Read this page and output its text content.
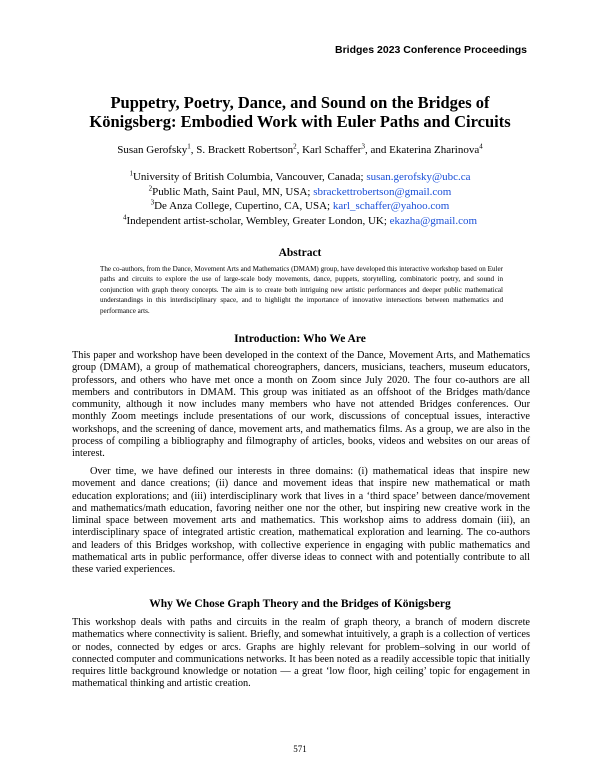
Bridges 2023 Conference Proceedings
Puppetry, Poetry, Dance, and Sound on the Bridges of
Königsberg: Embodied Work with Euler Paths and Circuits
Susan Gerofsky$^1$, S. Brackett Robertson$^2$, Karl Schaffer$^3$, and Ekaterina Zharinova$^4$
$^1$University of British Columbia, Vancouver, Canada; susan.gerofsky@ubc.ca
$^2$Public Math, Saint Paul, MN, USA; sbrackettrobertson@gmail.com
$^3$De Anza College, Cupertino, CA, USA; karl_schaffer@yahoo.com
$^4$Independent artist-scholar, Wembley, Greater London, UK; ekazha@gmail.com
Abstract

The co-authors, from the Dance, Movement Arts and Mathematics (DMAM) group, have developed this interactive workshop based on Euler paths and circuits to explore the use of large-scale body movements, dance, puppets, storytelling, combinatoric poetry, and sound in conjunction with graph theory concepts. The aim is to create both intriguing new artistic performances and deeper public mathematical understandings in this interdisciplinary space, and to highlight the importance of innovative intersections between mathematics and performance arts.

Introduction: Who We Are

This paper and workshop have been developed in the context of the Dance, Movement Arts, and Mathematics group (DMAM), a group of mathematical choreographers, dancers, musicians, teachers, museum educators, professors, and others who have met once a month on Zoom since July 2020. The four co-authors are all members and contributors in DMAM. This group was initiated as an offshoot of the Bridges math/dance community, although it now includes many members who have not attended Bridges conferences. Our monthly Zoom meetings include presentations of our work, discussions of conceptual issues, interactive workshops, and the screening of dance, movement arts, and mathematics films. As a group, we are also in the process of compiling a bibliography and filmography of articles, books, videos and websites on our areas of interest.

Over time, we have defined our interests in three domains: (i) mathematical ideas that inspire new movement and dance creations; (ii) dance and movement ideas that inspire new mathematical or math education explorations; and (iii) interdisciplinary work that lives in a ‘third space’ between dance/movement and mathematics/math education, favoring neither one nor the other, but inspiring new creative work in the liminal space between movement arts and mathematics. This workshop aims to address domain (iii), an interdisciplinary space of integrated artistic creation, mathematical exploration and learning. The co-authors and leaders of this Bridges workshop, with collective experience in engaging with public mathematics and mathematical arts in public performance, offer diverse ideas to connect with and potentially contribute to all these varied experiences.

Why We Chose Graph Theory and the Bridges of Königsberg

This workshop deals with paths and circuits in the realm of graph theory, a branch of modern discrete mathematics where connectivity is salient. Briefly, and somewhat intuitively, a graph is a collection of vertices or nodes, connected by edges or arcs. Graphs are highly relevant for problem–solving in our world of connected computer and communications networks. It has been noted as a readily accessible topic that initially requires little background knowledge or notation — a great ‘low floor, high ceiling’ topic for engagement in mathematical thinking and artistic creation.

571
